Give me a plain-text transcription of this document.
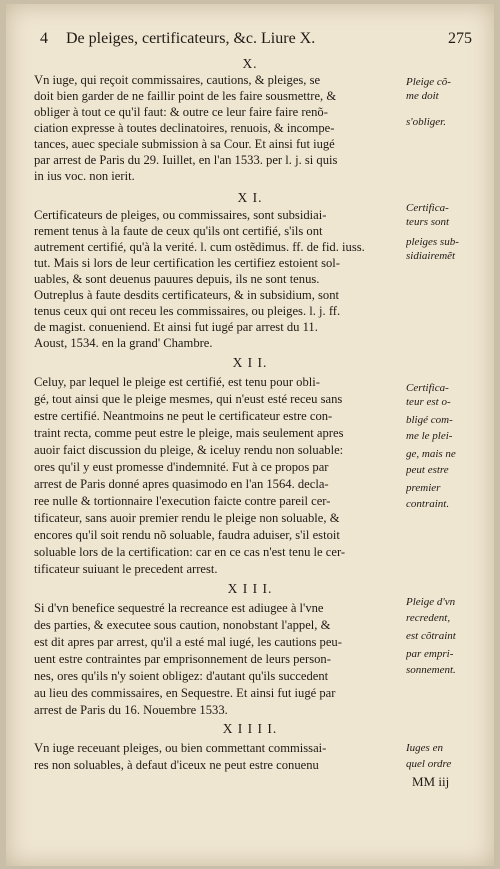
4 De pleiges, certificateurs, &c. Liure X.	275
X.
Vn iuge, qui reçoit commissaires, cautions, & pleiges, se
doit bien garder de ne faillir point de les faire sousmettre, &
obliger à tout ce qu'il faut: & outre ce leur faire faire renõ-
ciation expresse à toutes declinatoires, renuois, & incompe-
tances, auec speciale submission à sa Cour. Et ainsi fut iugé
par arrest de Paris du 29. Iuillet, en l'an 1533. per l. j. si quis
in ius voc. non ierit.
Pleige cõ-
me doit
s'obliger.
X I.
Certificateurs de pleiges, ou commissaires, sont subsidiai-
rement tenus à la faute de ceux qu'ils ont certifié, s'ils ont
autrement certifié, qu'à la verité. l. cum ostẽdimus. ff. de fid. iuss.
tut. Mais si lors de leur certification les certifiez estoient sol-
uables, & sont deuenus pauures depuis, ils ne sont tenus.
Outreplus à faute desdits certificateurs, & in subsidium, sont
tenus ceux qui ont receu les commissaires, ou pleiges. l. j. ff.
de magist. conueniend. Et ainsi fut iugé par arrest du 11.
Aoust, 1534. en la grand' Chambre.
Certifica-
teurs sont
pleiges sub-
sidiairemẽt
X I I.
Celuy, par lequel le pleige est certifié, est tenu pour obli-
gé, tout ainsi que le pleige mesmes, qui n'eust esté receu sans
estre certifié. Neantmoins ne peut le certificateur estre con-
traint recta, comme peut estre le pleige, mais seulement apres
auoir faict discussion du pleige, & iceluy rendu non soluable:
ores qu'il y eust promesse d'indemnité. Fut à ce propos par
arrest de Paris donné apres quasimodo en l'an 1564. decla-
ree nulle & tortionnaire l'execution faicte contre pareil cer-
tificateur, sans auoir premier rendu le pleige non soluable, &
encores qu'il soit rendu nõ soluable, faudra aduiser, s'il estoit
soluable lors de la certification: car en ce cas n'est tenu le cer-
tificateur suiuant le precedent arrest.
Certifica-
teur est o-
bligé com-
me le plei-
ge, mais ne
peut estre
premier
contraint.
X I I I.
Si d'vn benefice sequestré la recreance est adiugee à l'vne
des parties, & executee sous caution, nonobstant l'appel, &
est dit apres par arrest, qu'il a esté mal iugé, les cautions peu-
uent estre contraintes par emprisonnement de leurs person-
nes, ores qu'ils n'y soient obligez: d'autant qu'ils succedent
au lieu des commissaires, en Sequestre. Et ainsi fut iugé par
arrest de Paris du 16. Nouembre 1533.
Pleige d'vn
recredent,
est cõtraint
par empri-
sonnement.
X I I I I.
Vn iuge receuant pleiges, ou bien commettant commissai-
res non soluables, à defaut d'iceux ne peut estre conuenu
Iuges en
quel ordre
MM iij
